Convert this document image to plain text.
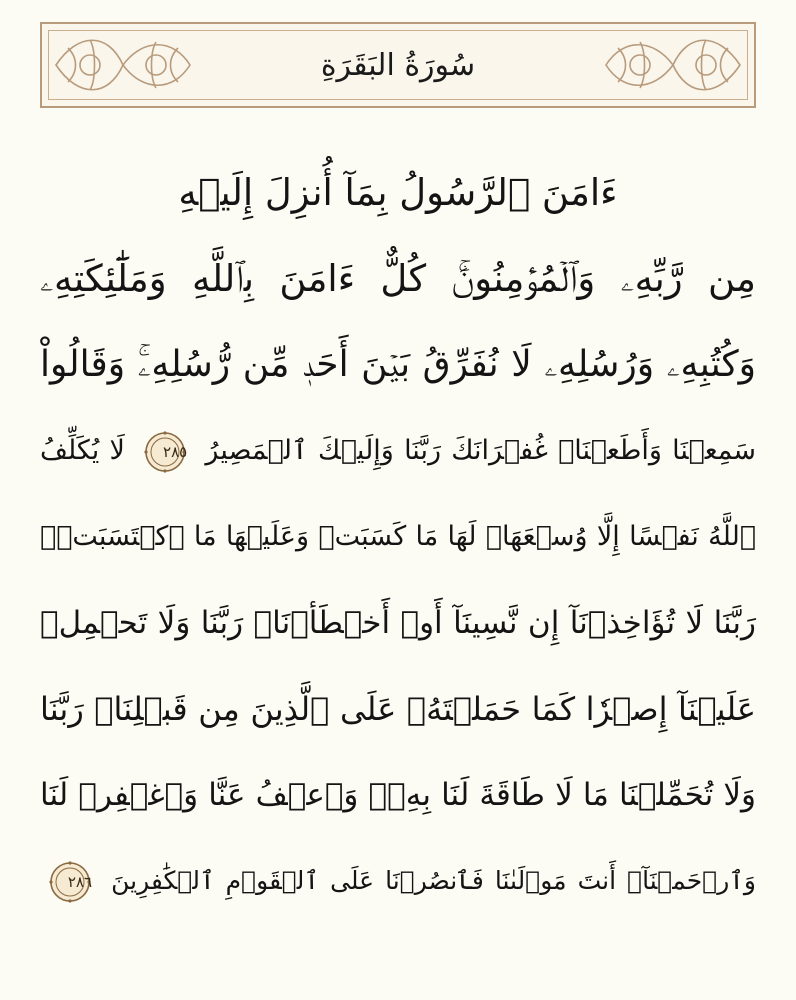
سُورَةُ البَقَرَةِ
ءَامَنَ ٱلرَّسُولُ بِمَآ أُنزِلَ إِلَيۡهِ
مِن رَّبِّهِۦ وَٱلۡمُؤۡمِنُونَۚ كُلٌّ ءَامَنَ بِٱللَّهِ وَمَلَٰٓئِكَتِهِۦ
وَكُتُبِهِۦ وَرُسُلِهِۦ لَا نُفَرِّقُ بَيۡنَ أَحَدٖ مِّن رُّسُلِهِۦۚ وَقَالُواْ
سَمِعۡنَا وَأَطَعۡنَاۖ غُفۡرَانَكَ رَبَّنَا وَإِلَيۡكَ ٱلۡمَصِيرُ
٢٨٥
لَا يُكَلِّفُ
ٱللَّهُ نَفۡسًا إِلَّا وُسۡعَهَاۚ لَهَا مَا كَسَبَتۡ وَعَلَيۡهَا مَا ٱكۡتَسَبَتۡۗ
رَبَّنَا لَا تُؤَاخِذۡنَآ إِن نَّسِينَآ أَوۡ أَخۡطَأۡنَاۚ رَبَّنَا وَلَا تَحۡمِلۡ
عَلَيۡنَآ إِصۡرٗا كَمَا حَمَلۡتَهُۥ عَلَى ٱلَّذِينَ مِن قَبۡلِنَاۚ رَبَّنَا
وَلَا تُحَمِّلۡنَا مَا لَا طَاقَةَ لَنَا بِهِۦۖ وَٱعۡفُ عَنَّا وَٱغۡفِرۡ لَنَا
وَٱرۡحَمۡنَآۚ أَنتَ مَوۡلَىٰنَا فَٱنصُرۡنَا عَلَى ٱلۡقَوۡمِ ٱلۡكَٰفِرِينَ
٢٨٦
